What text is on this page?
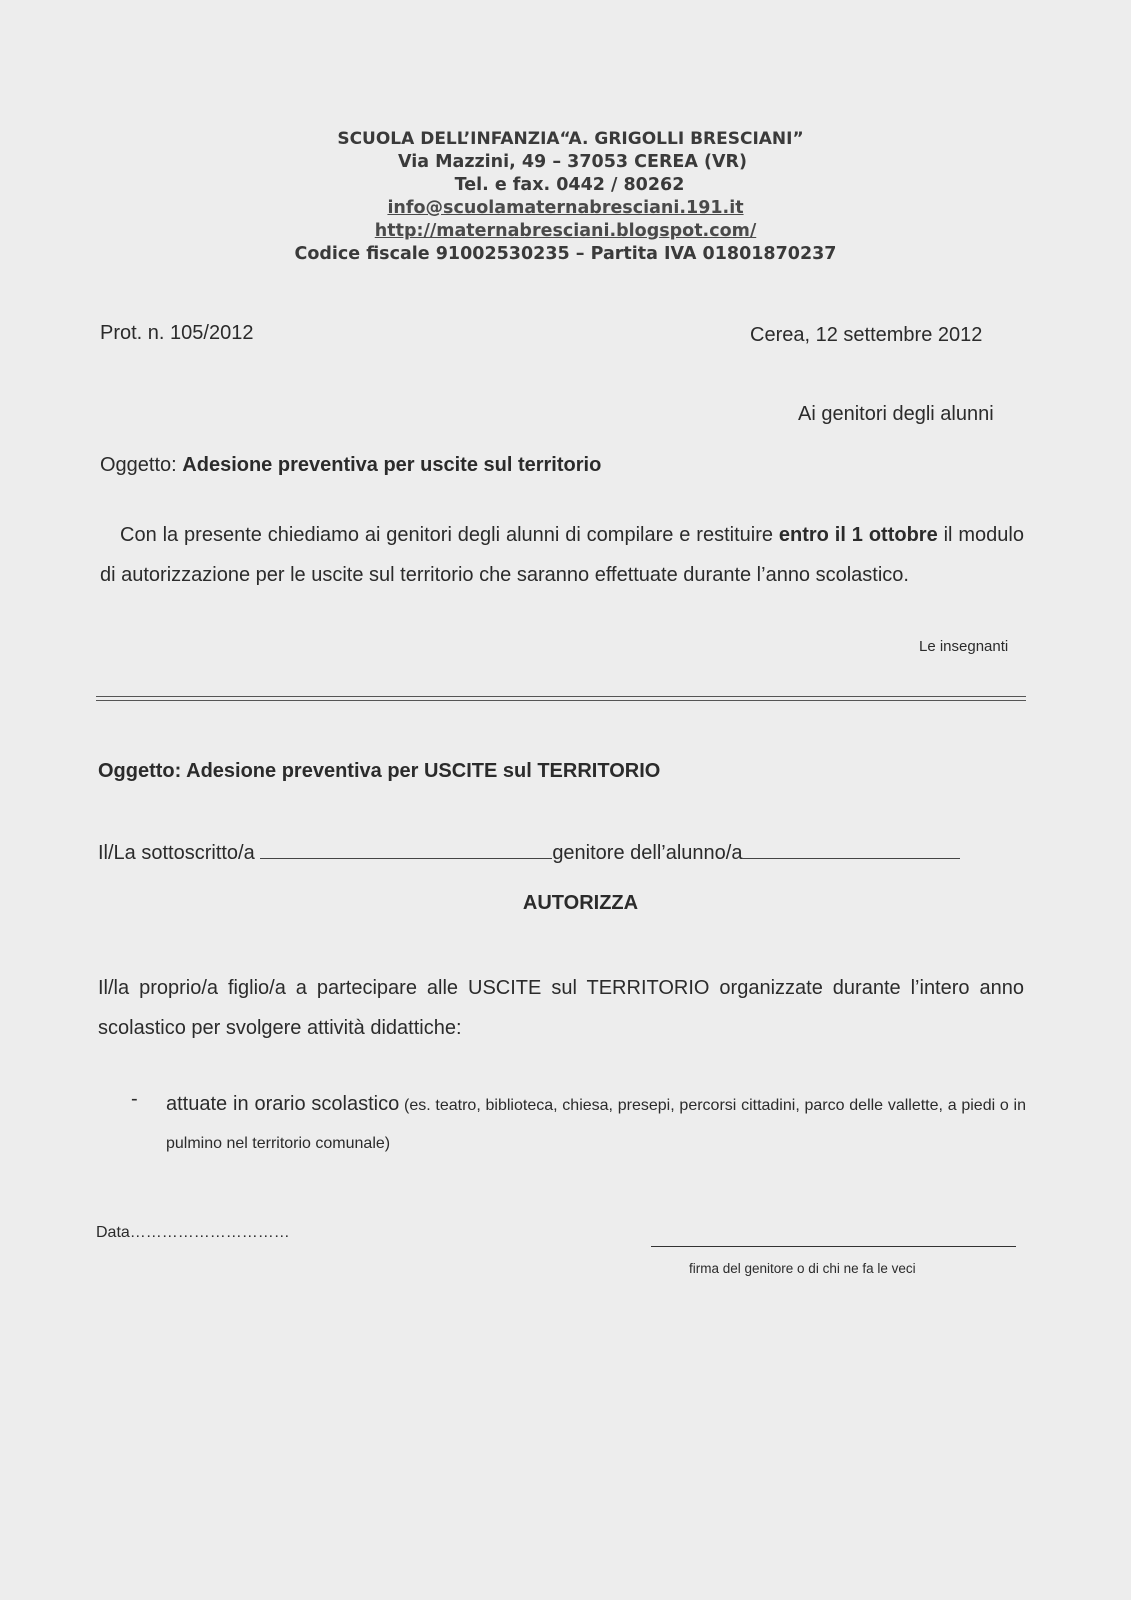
SCUOLA DELL’INFANZIA“A. GRIGOLLI BRESCIANI”
Via Mazzini, 49 – 37053 CEREA (VR)
Tel. e fax. 0442 / 80262
info@scuolamaternabresciani.191.it
http://maternabresciani.blogspot.com/
Codice fiscale 91002530235 – Partita IVA 01801870237
Prot. n. 105/2012	Cerea, 12 settembre 2012
Ai genitori degli alunni
Oggetto: Adesione preventiva per uscite sul territorio
Con la presente chiediamo ai genitori degli alunni di compilare e restituire entro il 1 ottobre il modulo di autorizzazione per le uscite sul territorio che saranno effettuate durante l’anno scolastico.
Le insegnanti
Oggetto: Adesione preventiva per USCITE sul TERRITORIO
Il/La sottoscritto/a	genitore dell’alunno/a
AUTORIZZA
Il/la proprio/a figlio/a a partecipare alle USCITE sul TERRITORIO organizzate durante l’intero anno scolastico per svolgere attività didattiche:
- attuate in orario scolastico (es. teatro, biblioteca, chiesa, presepi, percorsi cittadini, parco delle vallette, a piedi o in pulmino nel territorio comunale)
Data…………………………
firma del genitore o di chi ne fa le veci
